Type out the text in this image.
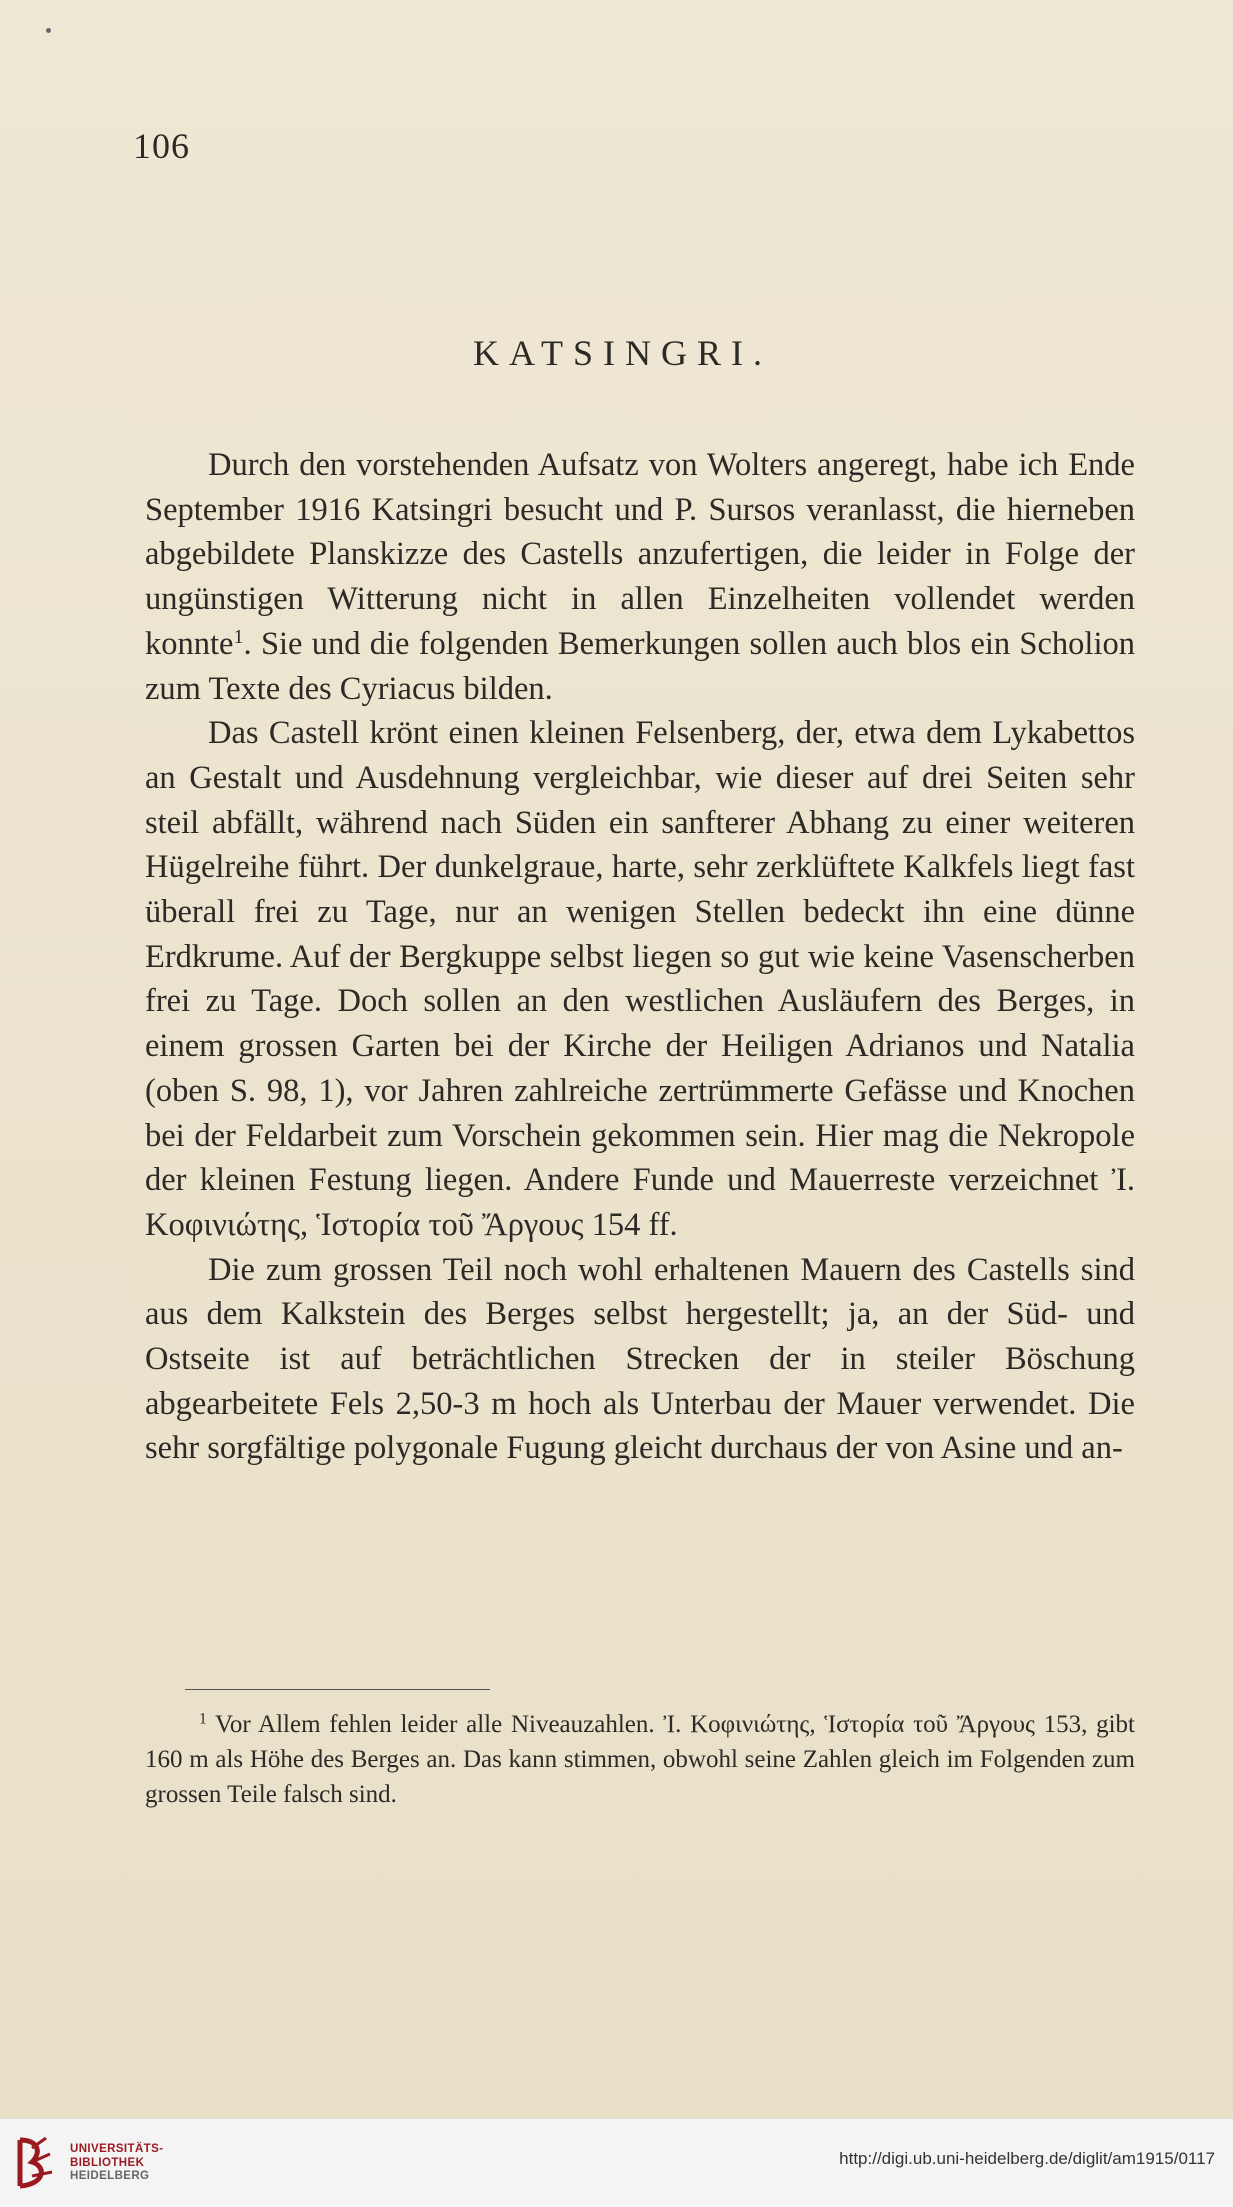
106
KATSINGRI.

Durch den vorstehenden Aufsatz von Wolters angeregt, habe ich Ende September 1916 Katsingri besucht und P. Sursos veranlasst, die hierneben abgebildete Planskizze des Castells anzufertigen, die leider in Folge der ungünstigen Witterung nicht in allen Einzelheiten vollendet werden konnte$^1$. Sie und die folgenden Bemerkungen sollen auch blos ein Scholion zum Texte des Cyriacus bilden.

Das Castell krönt einen kleinen Felsenberg, der, etwa dem Lykabettos an Gestalt und Ausdehnung vergleichbar, wie dieser auf drei Seiten sehr steil abfällt, während nach Süden ein sanfterer Abhang zu einer weiteren Hügelreihe führt. Der dunkelgraue, harte, sehr zerklüftete Kalkfels liegt fast überall frei zu Tage, nur an wenigen Stellen bedeckt ihn eine dünne Erdkrume. Auf der Bergkuppe selbst liegen so gut wie keine Vasenscherben frei zu Tage. Doch sollen an den westlichen Ausläufern des Berges, in einem grossen Garten bei der Kirche der Heiligen Adrianos und Natalia (oben S. 98, 1), vor Jahren zahlreiche zertrümmerte Gefässe und Knochen bei der Feldarbeit zum Vorschein gekommen sein. Hier mag die Nekropole der kleinen Festung liegen. Andere Funde und Mauerreste verzeichnet Ἰ. Κοφινιώτης, Ἱστορία τοῦ Ἄργους 154 ff.

Die zum grossen Teil noch wohl erhaltenen Mauern des Castells sind aus dem Kalkstein des Berges selbst hergestellt; ja, an der Süd- und Ostseite ist auf beträchtlichen Strecken der in steiler Böschung abgearbeitete Fels 2,50-3 m hoch als Unterbau der Mauer verwendet. Die sehr sorgfältige polygonale Fugung gleicht durchaus der von Asine und an-

$^1$ Vor Allem fehlen leider alle Niveauzahlen. Ἰ. Κοφινιώτης, Ἱστορία τοῦ Ἄργους 153, gibt 160 m als Höhe des Berges an. Das kann stimmen, obwohl seine Zahlen gleich im Folgenden zum grossen Teile falsch sind.

UNIVERSITÄTS-
BIBLIOTHEK
HEIDELBERG
http://digi.ub.uni-heidelberg.de/diglit/am1915/0117
